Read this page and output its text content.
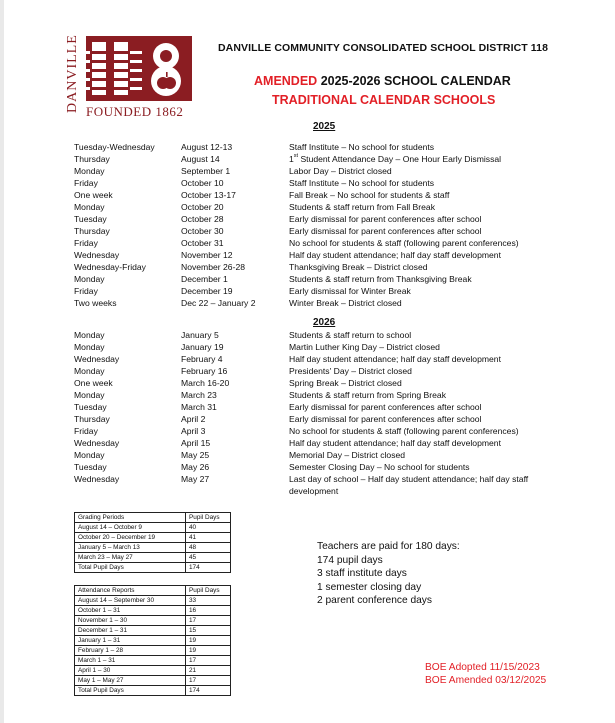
DANVILLE FOUNDED 1862
DANVILLE COMMUNITY CONSOLIDATED SCHOOL DISTRICT 118
AMENDED 2025-2026 SCHOOL CALENDAR
TRADITIONAL CALENDAR SCHOOLS
2025
Tuesday-Wednesday	August 12-13	Staff Institute – No school for students
Thursday	August 14	1st Student Attendance Day – One Hour Early Dismissal
Monday	September 1	Labor Day – District closed
Friday	October 10	Staff Institute – No school for students
One week	October 13-17	Fall Break – No school for students & staff
Monday	October 20	Students & staff return from Fall Break
Tuesday	October 28	Early dismissal for parent conferences after school
Thursday	October 30	Early dismissal for parent conferences after school
Friday	October 31	No school for students & staff (following parent conferences)
Wednesday	November 12	Half day student attendance; half day staff development
Wednesday-Friday	November 26-28	Thanksgiving Break – District closed
Monday	December 1	Students & staff return from Thanksgiving Break
Friday	December 19	Early dismissal for Winter Break
Two weeks	Dec 22 – January 2	Winter Break – District closed
2026
Monday	January 5	Students & staff return to school
Monday	January 19	Martin Luther King Day – District closed
Wednesday	February 4	Half day student attendance; half day staff development
Monday	February 16	Presidents' Day – District closed
One week	March 16-20	Spring Break – District closed
Monday	March 23	Students & staff return from Spring Break
Tuesday	March 31	Early dismissal for parent conferences after school
Thursday	April 2	Early dismissal for parent conferences after school
Friday	April 3	No school for students & staff (following parent conferences)
Wednesday	April 15	Half day student attendance; half day staff development
Monday	May 25	Memorial Day – District closed
Tuesday	May 26	Semester Closing Day – No school for students
Wednesday	May 27	Last day of school – Half day student attendance; half day staff development
Grading Periods	Pupil Days
August 14 – October 9	40
October 20 – December 19	41
January 5 – March 13	48
March 23 – May 27	45
Total Pupil Days	174
Attendance Reports	Pupil Days
August 14 – September 30	33
October 1 – 31	16
November 1 – 30	17
December 1 – 31	15
January 1 – 31	19
February 1 – 28	19
March 1 – 31	17
April 1 – 30	21
May 1 – May 27	17
Total Pupil Days	174
Teachers are paid for 180 days:
174 pupil days
3 staff institute days
1 semester closing day
2 parent conference days
BOE Adopted 11/15/2023
BOE Amended 03/12/2025
